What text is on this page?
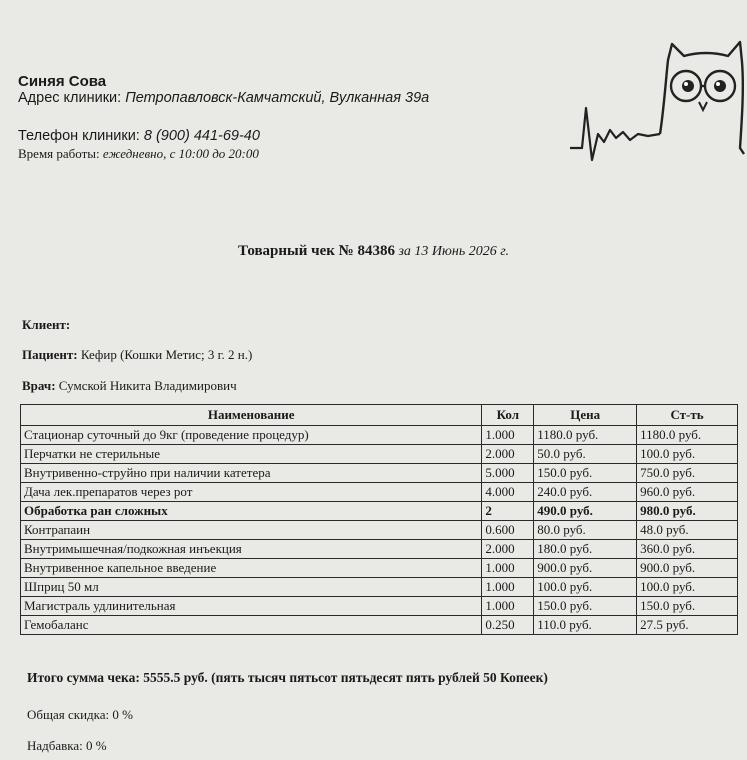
Синяя Сова
Адрес клиники: Петропавловск-Камчатский, Вулканная 39а
Телефон клиники: 8 (900) 441-69-40
Время работы: ежедневно, с 10:00 до 20:00
Товарный чек № 84386 за 13 Июнь 2026 г.
Клиент:
Пациент: Кефир (Кошки Метис; 3 г. 2 н.)
Врач: Сумской Никита Владимирович
Наименование	Кол	Цена	Ст-ть
Стационар суточный до 9кг (проведение процедур)	1.000	1180.0 руб.	1180.0 руб.
Перчатки не стерильные	2.000	50.0 руб.	100.0 руб.
Внутривенно-струйно при наличии катетера	5.000	150.0 руб.	750.0 руб.
Дача лек.препаратов через рот	4.000	240.0 руб.	960.0 руб.
Обработка ран сложных	2	490.0 руб.	980.0 руб.
Контрапаин	0.600	80.0 руб.	48.0 руб.
Внутримышечная/подкожная инъекция	2.000	180.0 руб.	360.0 руб.
Внутривенное капельное введение	1.000	900.0 руб.	900.0 руб.
Шприц 50 мл	1.000	100.0 руб.	100.0 руб.
Магистраль удлинительная	1.000	150.0 руб.	150.0 руб.
Гемобаланс	0.250	110.0 руб.	27.5 руб.
Итого сумма чека: 5555.5 руб. (пять тысяч пятьсот пятьдесят пять рублей 50 Копеек)
Общая скидка: 0 %
Надбавка: 0 %
